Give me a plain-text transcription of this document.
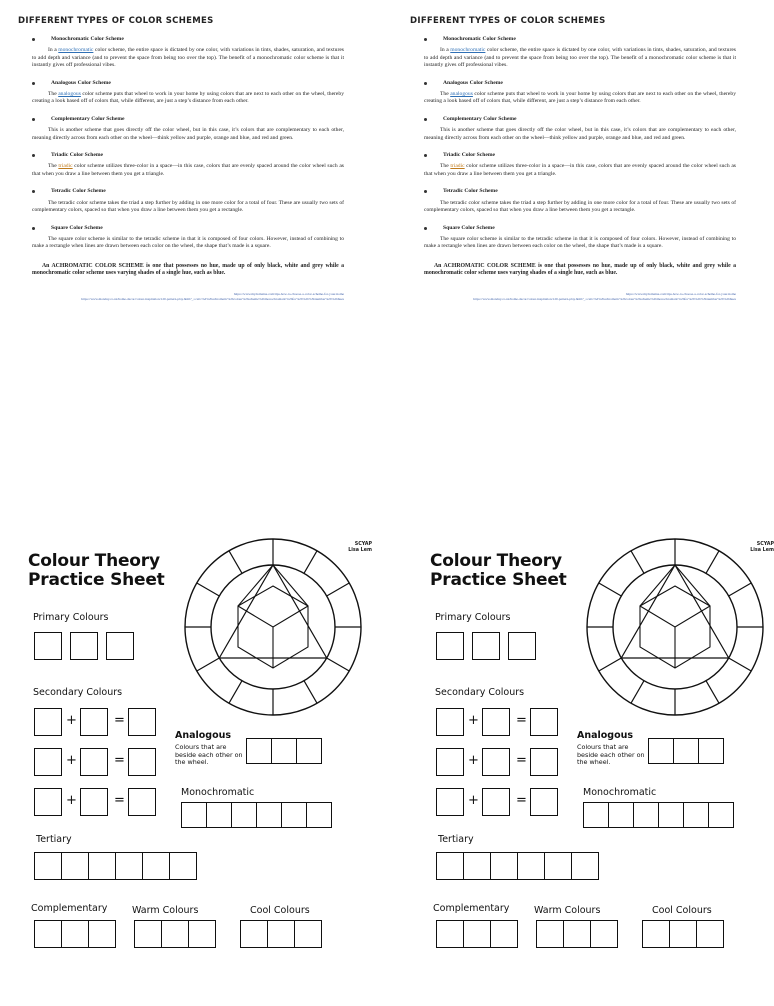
DIFFERENT TYPES OF COLOR SCHEMES
Monochromatic Color Scheme

In a monochromatic color scheme, the entire space is dictated by one color, with variations in tints, shades, saturation, and textures to add depth and variance (and to prevent the space from being too over the top). The benefit of a monochromatic color scheme is that it instantly gives off professional vibes.

Analogous Color Scheme

The analogous color scheme puts that wheel to work in your home by using colors that are next to each other on the wheel, thereby creating a look based off of colors that, while different, are just a step’s distance from each other.

Complementary Color Scheme

This is another scheme that goes directly off the color wheel, but in this case, it’s colors that are complementary to each other, meaning directly across from each other on the wheel—think yellow and purple, orange and blue, and red and green.

Triadic Color Scheme

The triadic color scheme utilizes three-color in a space—in this case, colors that are evenly spaced around the color wheel such as that when you draw a line between them you get a triangle.

Tetradic Color Scheme

The tetradic color scheme takes the triad a step further by adding in one more color for a total of four. These are usually two sets of complementary colors, spaced so that when you draw a line between them you get a rectangle.

Square Color Scheme

The square color scheme is similar to the tetradic scheme in that it is composed of four colors. However, instead of combining to make a rectangle when lines are drawn between each color on the wheel, the shape that’s made is a square.

An ACHROMATIC COLOR SCHEME is one that possesses no hue, made up of only black, white and grey while a monochromatic color scheme uses varying shades of a single hue, such as blue.
https://www.mydomaine.com/tips-how-to-choose-a-color-scheme-for-your-home
https://www.monday.co.nz/home-decor/colour-inspiration/120-pattern-play.html?_=cs#=%d%2bachromatic%2bcolour%2bscheme%2bmonochromatic%2bfor%2b%2b%3bnumber%2b%2bhues
DIFFERENT TYPES OF COLOR SCHEMES
Monochromatic Color Scheme

In a monochromatic color scheme, the entire space is dictated by one color, with variations in tints, shades, saturation, and textures to add depth and variance (and to prevent the space from being too over the top). The benefit of a monochromatic color scheme is that it instantly gives off professional vibes.

Analogous Color Scheme

The analogous color scheme puts that wheel to work in your home by using colors that are next to each other on the wheel, thereby creating a look based off of colors that, while different, are just a step’s distance from each other.

Complementary Color Scheme

This is another scheme that goes directly off the color wheel, but in this case, it’s colors that are complementary to each other, meaning directly across from each other on the wheel—think yellow and purple, orange and blue, and red and green.

Triadic Color Scheme

The triadic color scheme utilizes three-color in a space—in this case, colors that are evenly spaced around the color wheel such as that when you draw a line between them you get a triangle.

Tetradic Color Scheme

The tetradic color scheme takes the triad a step further by adding in one more color for a total of four. These are usually two sets of complementary colors, spaced so that when you draw a line between them you get a rectangle.

Square Color Scheme

The square color scheme is similar to the tetradic scheme in that it is composed of four colors. However, instead of combining to make a rectangle when lines are drawn between each color on the wheel, the shape that’s made is a square.

An ACHROMATIC COLOR SCHEME is one that possesses no hue, made up of only black, white and grey while a monochromatic color scheme uses varying shades of a single hue, such as blue.
https://www.mydomaine.com/tips-how-to-choose-a-color-scheme-for-your-home
https://www.monday.co.nz/home-decor/colour-inspiration/120-pattern-play.html?_=cs#=%d%2bachromatic%2bcolour%2bscheme%2bmonochromatic%2bfor%2b%2b%3bnumber%2b%2bhues
SCYAP
Lisa Lem
Colour Theory
Practice Sheet
Primary Colours
Secondary Colours
+	=
+	=
+	=
Analogous
Colours that are beside each other on the wheel.
Monochromatic
Tertiary
Complementary	Warm Colours	Cool Colours
SCYAP
Lisa Lem
Colour Theory
Practice Sheet
Primary Colours
Secondary Colours
+	=
+	=
+	=
Analogous
Colours that are beside each other on the wheel.
Monochromatic
Tertiary
Complementary	Warm Colours	Cool Colours
